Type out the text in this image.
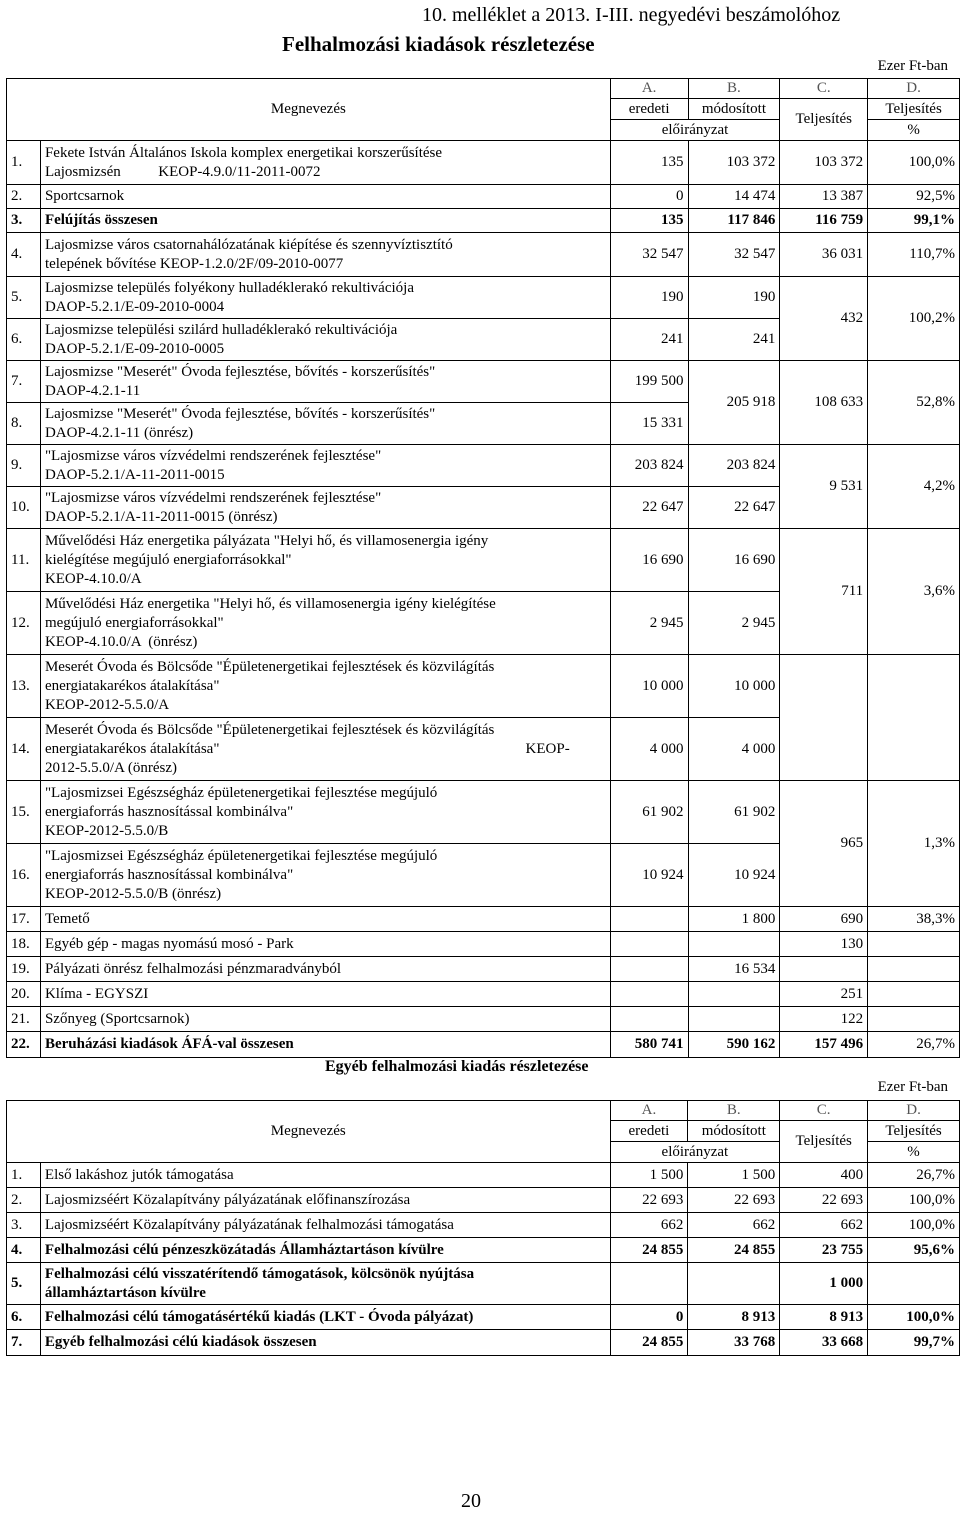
10. melléklet a 2013. I-III. negyedévi beszámolóhoz
Felhalmozási kiadások részletezése
Ezer Ft-ban
Megnevezés		A.	B.	C.	D.
		eredeti	módosított	Teljesítés	Teljesítés
		előirányzat			%
1.	Fekete István Általános Iskola komplex energetikai korszerűsítése
Lajosmizsén          KEOP-4.9.0/11-2011-0072	135	103 372	103 372	100,0%
2.	Sportcsarnok	0	14 474	13 387	92,5%
3.	Felújítás összesen	135	117 846	116 759	99,1%
4.	Lajosmizse város csatornahálózatának kiépítése és szennyvíztisztító
telepének bővítése KEOP-1.2.0/2F/09-2010-0077	32 547	32 547	36 031	110,7%
5.	Lajosmizse település folyékony hulladéklerakó rekultivációja
DAOP-5.2.1/E-09-2010-0004	190	190	432	100,2%
6.	Lajosmizse települési szilárd hulladéklerakó rekultivációja
DAOP-5.2.1/E-09-2010-0005	241	241		
7.	Lajosmizse "Meserét" Óvoda fejlesztése, bővítés - korszerűsítés"
DAOP-4.2.1-11	199 500	205 918	108 633	52,8%
8.	Lajosmizse "Meserét" Óvoda fejlesztése, bővítés - korszerűsítés"
DAOP-4.2.1-11 (önrész)	15 331			
9.	"Lajosmizse város vízvédelmi rendszerének fejlesztése"
DAOP-5.2.1/A-11-2011-0015	203 824	203 824	9 531	4,2%
10.	"Lajosmizse város vízvédelmi rendszerének fejlesztése"
DAOP-5.2.1/A-11-2011-0015 (önrész)	22 647	22 647		
11.	Művelődési Ház energetika pályázata "Helyi hő, és villamosenergia igény
kielégítése megújuló energiaforrásokkal"
KEOP-4.10.0/A	16 690	16 690	711	3,6%
12.	Művelődési Ház energetika "Helyi hő, és villamosenergia igény kielégítése
megújuló energiaforrásokkal"
KEOP-4.10.0/A  (önrész)	2 945	2 945		
13.	Meserét Óvoda és Bölcsőde "Épületenergetikai fejlesztések és közvilágítás
energiatakarékos átalakítása"
KEOP-2012-5.5.0/A	10 000	10 000		
14.	Meserét Óvoda és Bölcsőde "Épületenergetikai fejlesztések és közvilágítás
energiatakarékos átalakítása" KEOP-
2012-5.5.0/A (önrész)	4 000	4 000		
15.	"Lajosmizsei Egészségház épületenergetikai fejlesztése megújuló
energiaforrás hasznosítással kombinálva"
KEOP-2012-5.5.0/B	61 902	61 902	965	1,3%
16.	"Lajosmizsei Egészségház épületenergetikai fejlesztése megújuló
energiaforrás hasznosítással kombinálva"
KEOP-2012-5.5.0/B (önrész)	10 924	10 924		
17.	Temető		1 800	690	38,3%
18.	Egyéb gép - magas nyomású mosó - Park			130	
19.	Pályázati önrész felhalmozási pénzmaradványból		16 534		
20.	Klíma - EGYSZI			251	
21.	Szőnyeg (Sportcsarnok)			122	
22.	Beruházási kiadások ÁFÁ-val összesen	580 741	590 162	157 496	26,7%
Egyéb felhalmozási kiadás részletezése
Ezer Ft-ban
Megnevezés		A.	B.	C.	D.
		eredeti	módosított	Teljesítés	Teljesítés
		előirányzat			%
1.	Első lakáshoz jutók támogatása	1 500	1 500	400	26,7%
2.	Lajosmizséért Közalapítvány pályázatának előfinanszírozása	22 693	22 693	22 693	100,0%
3.	Lajosmizséért Közalapítvány pályázatának felhalmozási támogatása	662	662	662	100,0%
4.	Felhalmozási célú pénzeszközátadás Államháztartáson kívülre	24 855	24 855	23 755	95,6%
5.	Felhalmozási célú visszatérítendő támogatások, kölcsönök nyújtása
államháztartáson kívülre			1 000	
6.	Felhalmozási célú támogatásértékű kiadás (LKT - Óvoda pályázat)	0	8 913	8 913	100,0%
7.	Egyéb felhalmozási célú kiadások összesen	24 855	33 768	33 668	99,7%
20
